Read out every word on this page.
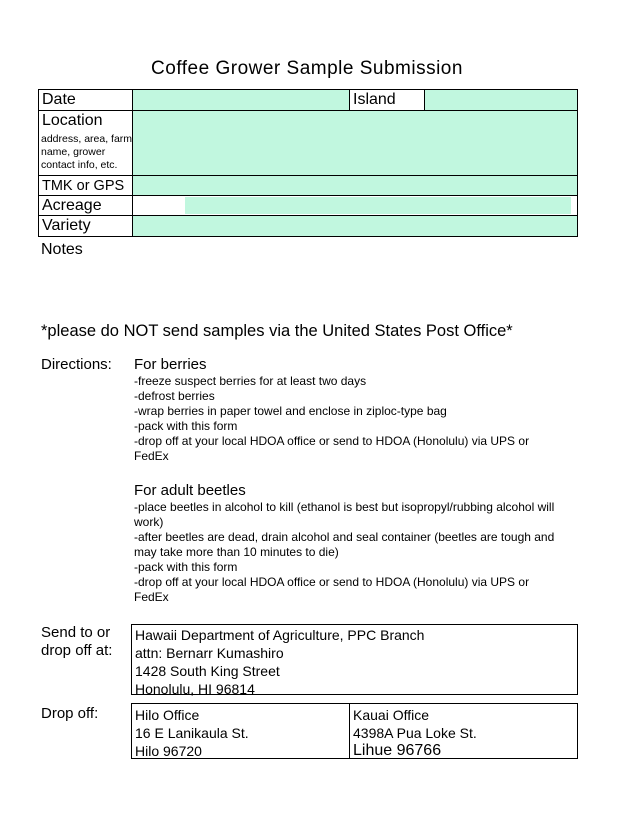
Coffee Grower Sample Submission
Date	Island
Location
address, area, farm name, grower contact info, etc.
TMK or GPS
Acreage
Variety
Notes
*please do NOT send samples via the United States Post Office*
Directions: For berries
-freeze suspect berries for at least two days
-defrost berries
-wrap berries in paper towel and enclose in ziploc-type bag
-pack with this form
-drop off at your local HDOA office or send to HDOA (Honolulu) via UPS or FedEx
For adult beetles
-place beetles in alcohol to kill (ethanol is best but isopropyl/rubbing alcohol will work)
-after beetles are dead, drain alcohol and seal container (beetles are tough and may take more than 10 minutes to die)
-pack with this form
-drop off at your local HDOA office or send to HDOA (Honolulu) via UPS or FedEx
Send to or
drop off at:
Hawaii Department of Agriculture, PPC Branch
attn: Bernarr Kumashiro
1428 South King Street
Honolulu, HI 96814
Drop off:	Hilo Office
16 E Lanikaula St.
Hilo 96720
Kauai Office
4398A Pua Loke St.
Lihue 96766
